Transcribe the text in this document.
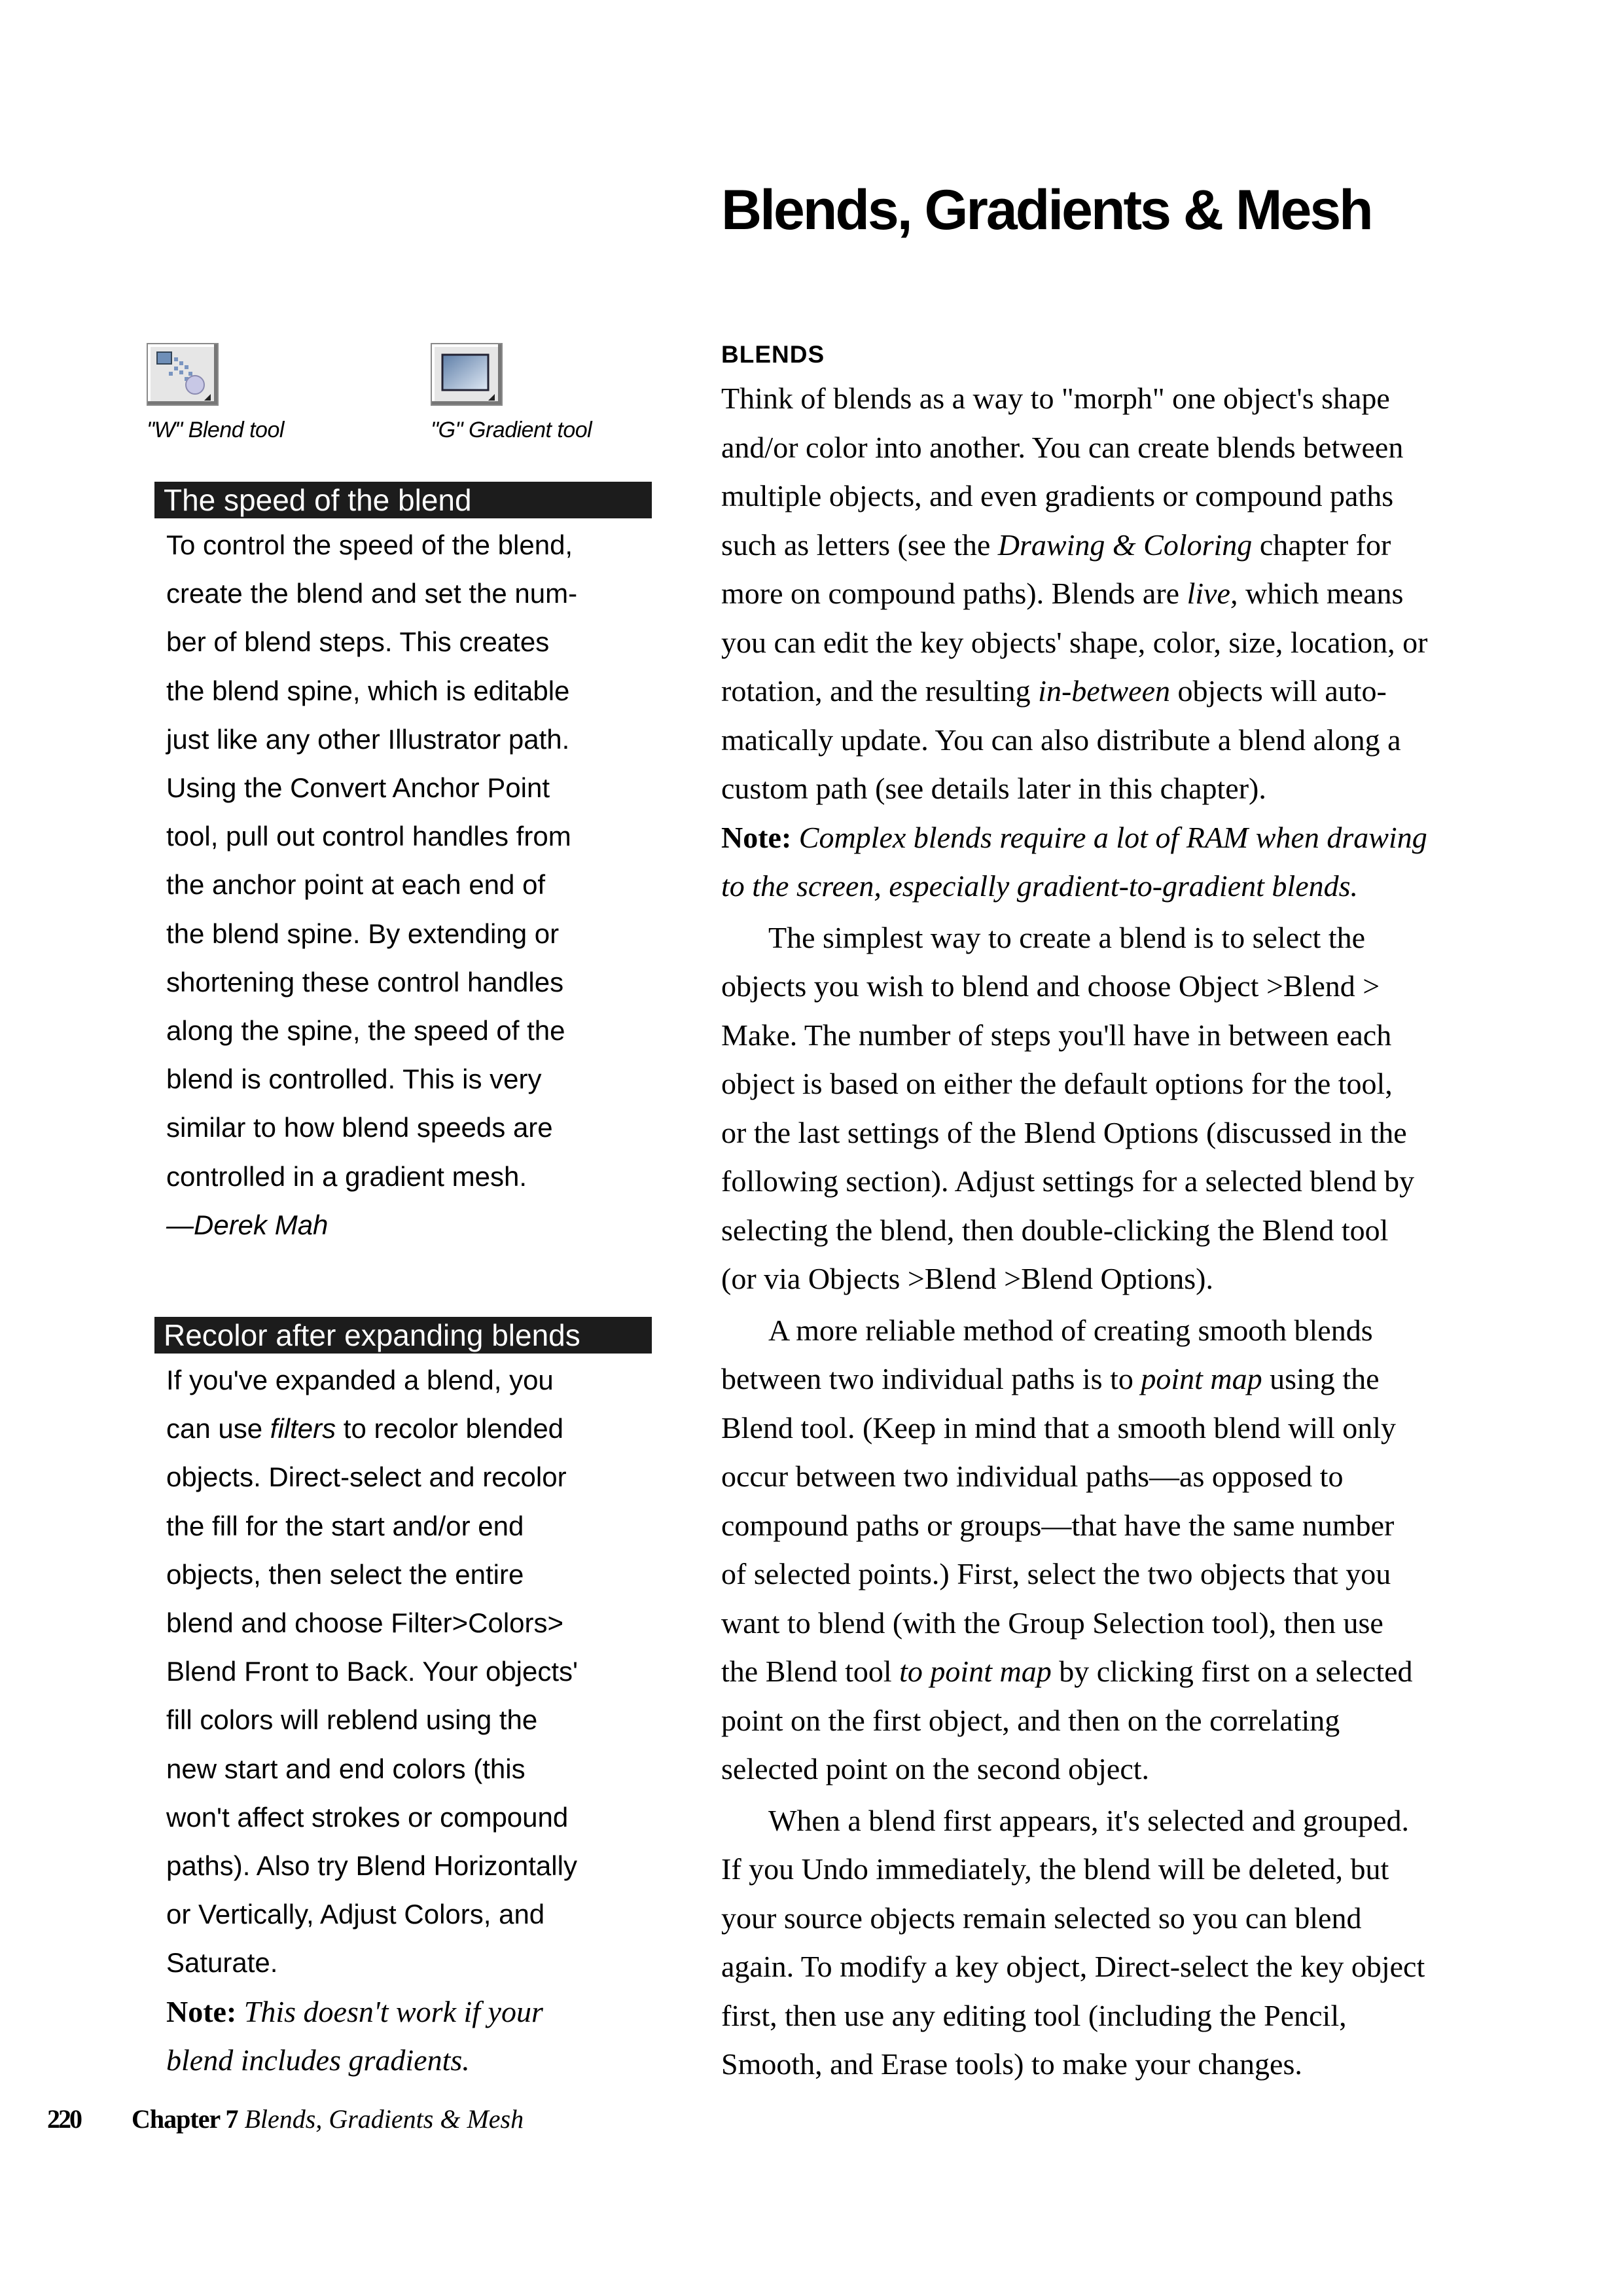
Blends, Gradients & Mesh
"W" Blend tool	"G" Gradient tool
The speed of the blend
To control the speed of the blend,
create the blend and set the num-
ber of blend steps. This creates
the blend spine, which is editable
just like any other Illustrator path.
Using the Convert Anchor Point
tool, pull out control handles from
the anchor point at each end of
the blend spine. By extending or
shortening these control handles
along the spine, the speed of the
blend is controlled. This is very
similar to how blend speeds are
controlled in a gradient mesh.
—Derek Mah
Recolor after expanding blends
If you've expanded a blend, you
can use filters to recolor blended
objects. Direct-select and recolor
the fill for the start and/or end
objects, then select the entire
blend and choose Filter>Colors>
Blend Front to Back. Your objects'
fill colors will reblend using the
new start and end colors (this
won't affect strokes or compound
paths). Also try Blend Horizontally
or Vertically, Adjust Colors, and
Saturate.
Note: This doesn't work if your
blend includes gradients.
BLENDS
Think of blends as a way to "morph" one object's shape
and/or color into another. You can create blends between
multiple objects, and even gradients or compound paths
such as letters (see the Drawing & Coloring chapter for
more on compound paths). Blends are live, which means
you can edit the key objects' shape, color, size, location, or
rotation, and the resulting in-between objects will auto-
matically update. You can also distribute a blend along a
custom path (see details later in this chapter).
Note: Complex blends require a lot of RAM when drawing
to the screen, especially gradient-to-gradient blends.
The simplest way to create a blend is to select the
objects you wish to blend and choose Object >Blend >
Make. The number of steps you'll have in between each
object is based on either the default options for the tool,
or the last settings of the Blend Options (discussed in the
following section). Adjust settings for a selected blend by
selecting the blend, then double-clicking the Blend tool
(or via Objects >Blend >Blend Options).
A more reliable method of creating smooth blends
between two individual paths is to point map using the
Blend tool. (Keep in mind that a smooth blend will only
occur between two individual paths—as opposed to
compound paths or groups—that have the same number
of selected points.) First, select the two objects that you
want to blend (with the Group Selection tool), then use
the Blend tool to point map by clicking first on a selected
point on the first object, and then on the correlating
selected point on the second object.
When a blend first appears, it's selected and grouped.
If you Undo immediately, the blend will be deleted, but
your source objects remain selected so you can blend
again. To modify a key object, Direct-select the key object
first, then use any editing tool (including the Pencil,
Smooth, and Erase tools) to make your changes.
220 Chapter 7 Blends, Gradients & Mesh
